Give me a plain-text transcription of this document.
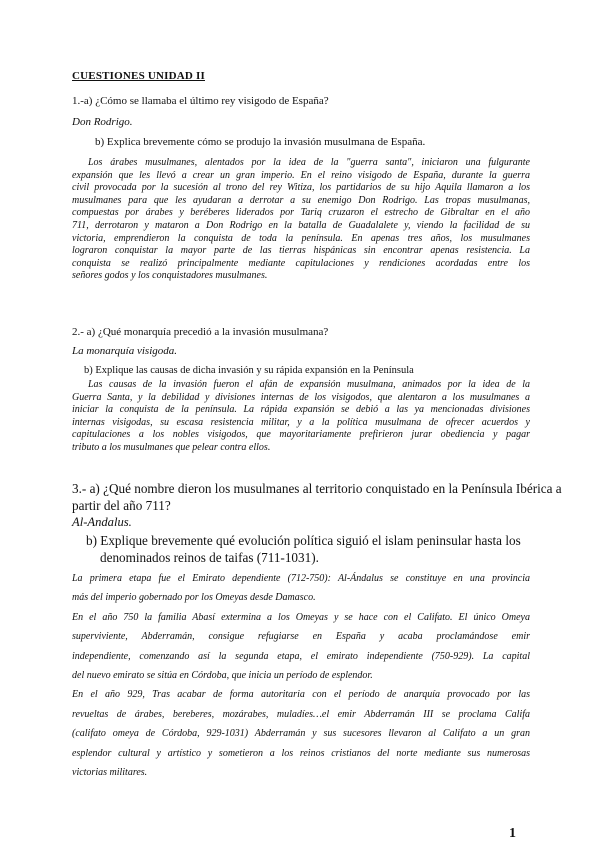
CUESTIONES UNIDAD II
1.-a) ¿Cómo se llamaba el último rey visigodo de España?
Don Rodrigo.
b) Explica brevemente cómo se produjo la invasión musulmana de España.
Los árabes musulmanes, alentados por la idea de la "guerra santa", iniciaron una fulgurante
expansión que les llevó a crear un gran imperio. En el reino visigodo de España, durante la guerra
civil provocada por la sucesión al trono del rey Witiza, los partidarios de su hijo Aquila llamaron a los
musulmanes para que les ayudaran a derrotar a su enemigo Don Rodrigo. Las tropas musulmanas,
compuestas por árabes y beréberes liderados por Tariq cruzaron el estrecho de Gibraltar en el año
711, derrotaron y mataron a Don Rodrigo en la batalla de Guadalalete y, viendo la facilidad de su
victoria, emprendieron la conquista de toda la península. En apenas tres años, los musulmanes
lograron conquistar la mayor parte de las tierras hispánicas sin encontrar apenas resistencia. La
conquista se realizó principalmente mediante capitulaciones y rendiciones acordadas entre los
señores godos y los conquistadores musulmanes.
2.- a) ¿Qué monarquía precedió a la invasión musulmana?
La monarquía visigoda.
b) Explique las causas de dicha invasión y su rápida expansión en la Península
Las causas de la invasión fueron el afán de expansión musulmana, animados por la idea de la
Guerra Santa, y la debilidad y divisiones internas de los visigodos, que alentaron a los musulmanes a
iniciar la conquista de la península. La rápida expansión se debió a las ya mencionadas divisiones
internas visigodas, su escasa resistencia militar, y a la política musulmana de ofrecer acuerdos y
capitulaciones a los nobles visigodos, que mayoritariamente prefirieron jurar obediencia y pagar
tributo a los musulmanes que pelear contra ellos.
3.- a) ¿Qué nombre dieron los musulmanes al territorio conquistado en la Península Ibérica a
partir del año 711?
Al-Andalus.
b) Explique brevemente qué evolución política siguió el islam peninsular hasta los
denominados reinos de taifas (711-1031).
La primera etapa fue el Emirato dependiente (712-750): Al-Ándalus se constituye en una provincia
más del imperio gobernado por los Omeyas desde Damasco.
En el año 750 la familia Abasí extermina a los Omeyas y se hace con el Califato. El único Omeya
superviviente, Abderramán, consigue refugiarse en España y acaba proclamándose emir
independiente, comenzando así la segunda etapa, el emirato independiente (750-929). La capital
del nuevo emirato se sitúa en Córdoba, que inicia un período de esplendor.
En el año 929, Tras acabar de forma autoritaria con el período de anarquía provocado por las
revueltas de árabes, bereberes, mozárabes, muladíes…el emir Abderramán III se proclama Califa
(califato omeya de Córdoba, 929-1031) Abderramán y sus sucesores llevaron al Califato a un gran
esplendor cultural y artístico y sometieron a los reinos cristianos del norte mediante sus numerosas
victorias militares.
1
